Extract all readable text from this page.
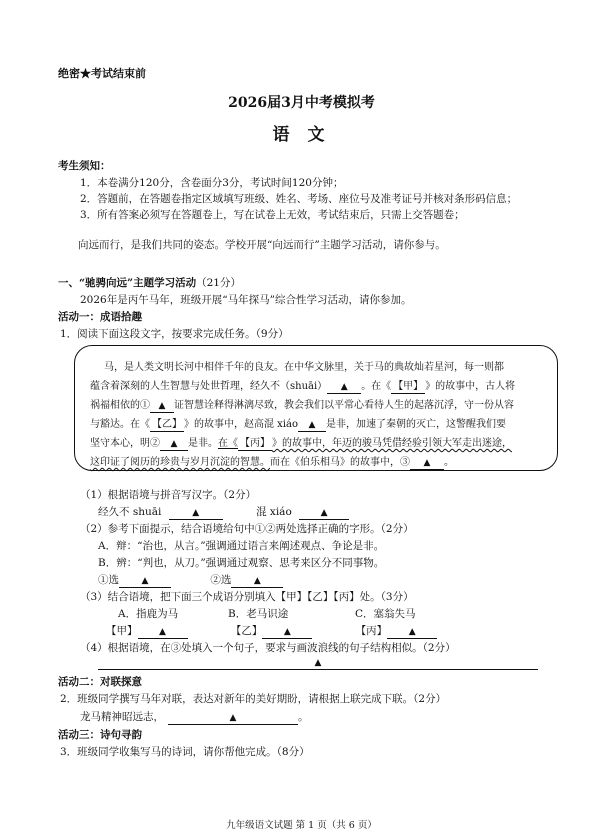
绝密★考试结束前
2026届3月中考模拟考
语 文
考生须知：
1．本卷满分120分，含卷面分3分，考试时间120分钟；
2．答题前，在答题卷指定区域填写班级、姓名、考场、座位号及准考证号并核对条形码信息；
3．所有答案必须写在答题卷上，写在试卷上无效，考试结束后，只需上交答题卷；
向远而行，是我们共同的姿态。学校开展“向远而行”主题学习活动，请你参与。
一、“驰骋向远”主题学习活动（21分）
2026年是丙午马年，班级开展“马年探马”综合性学习活动，请你参加。
活动一：成语拾趣
1．阅读下面这段文字，按要求完成任务。（9分）
马，是人类文明长河中相伴千年的良友。在中华文脉里，关于马的典故灿若星河，每一则都
蕴含着深刻的人生智慧与处世哲理，经久不（shuāi） ▲ 。在《 【甲】 》的故事中，古人将
祸福相依的① ▲ 证智慧诠释得淋漓尽致，教会我们以平常心看待人生的起落沉浮，守一份从容
与豁达。在《 【乙】 》的故事中，赵高混 xiáo ▲ 是非，加速了秦朝的灭亡，这警醒我们要
坚守本心，明② ▲ 是非。在《 【丙】 》的故事中，年迈的骏马凭借经验引领大军走出迷途，
这印证了阅历的珍贵与岁月沉淀的智慧。而在《伯乐相马》的故事中，③ ▲ 。
（1）根据语境与拼音写汉字。（2分）
经久不 shuāi	▲	混 xiáo	▲
（2）参考下面提示，结合语境给句中①②两处选择正确的字形。（2分）
A．辩：“治也，从言。”强调通过语言来阐述观点、争论是非。
B．辨：“判也，从刀。”强调通过观察、思考来区分不同事物。
①选	▲	②选	▲
（3）结合语境，把下面三个成语分别填入【甲】【乙】【丙】处。（3分）
A．指鹿为马	B．老马识途	C．塞翁失马
【甲】 ▲	【乙】 ▲	【丙】 ▲
（4）根据语境，在③处填入一个句子，要求与画波浪线的句子结构相似。（2分）
▲
活动二：对联探意
2．班级同学撰写马年对联，表达对新年的美好期盼，请根据上联完成下联。（2分）
龙马精神昭远志，	▲	。
活动三：诗句寻韵
3．班级同学收集写马的诗词，请你帮他完成。（8分）
九年级语文试题 第 1 页（共 6 页）
